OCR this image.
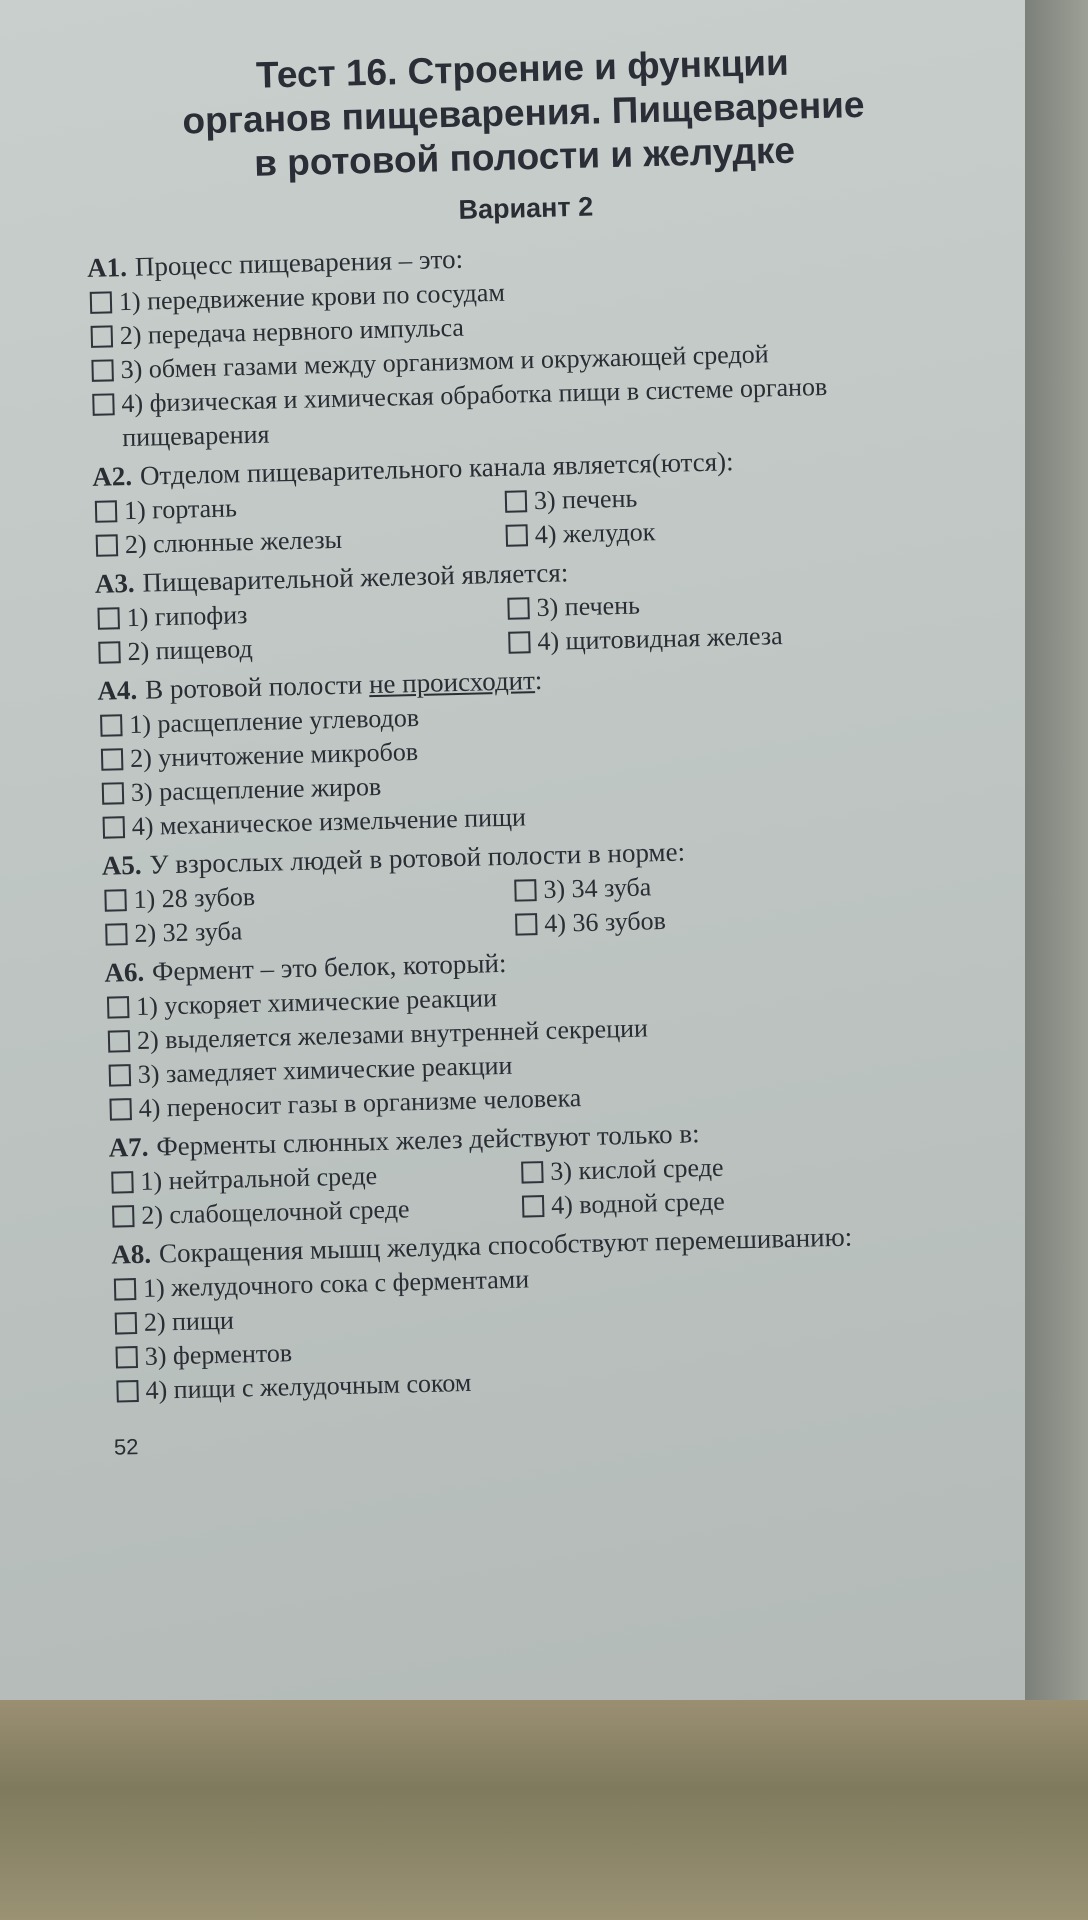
Тест 16. Строение и функции
органов пищеварения. Пищеварение
в ротовой полости и желудке
Вариант 2
А1. Процесс пищеварения – это:
1) передвижение крови по сосудам
2) передача нервного импульса
3) обмен газами между организмом и окружающей средой
4) физическая и химическая обработка пищи в системе органов пищеварения
А2. Отделом пищеварительного канала является(ются):
1) гортань	3) печень
2) слюнные железы	4) желудок
А3. Пищеварительной железой является:
1) гипофиз	3) печень
2) пищевод	4) щитовидная железа
А4. В ротовой полости не происходит:
1) расщепление углеводов
2) уничтожение микробов
3) расщепление жиров
4) механическое измельчение пищи
А5. У взрослых людей в ротовой полости в норме:
1) 28 зубов	3) 34 зуба
2) 32 зуба	4) 36 зубов
А6. Фермент – это белок, который:
1) ускоряет химические реакции
2) выделяется железами внутренней секреции
3) замедляет химические реакции
4) переносит газы в организме человека
А7. Ферменты слюнных желез действуют только в:
1) нейтральной среде	3) кислой среде
2) слабощелочной среде	4) водной среде
А8. Сокращения мышц желудка способствуют перемешиванию:
1) желудочного сока с ферментами
2) пищи
3) ферментов
4) пищи с желудочным соком
52
